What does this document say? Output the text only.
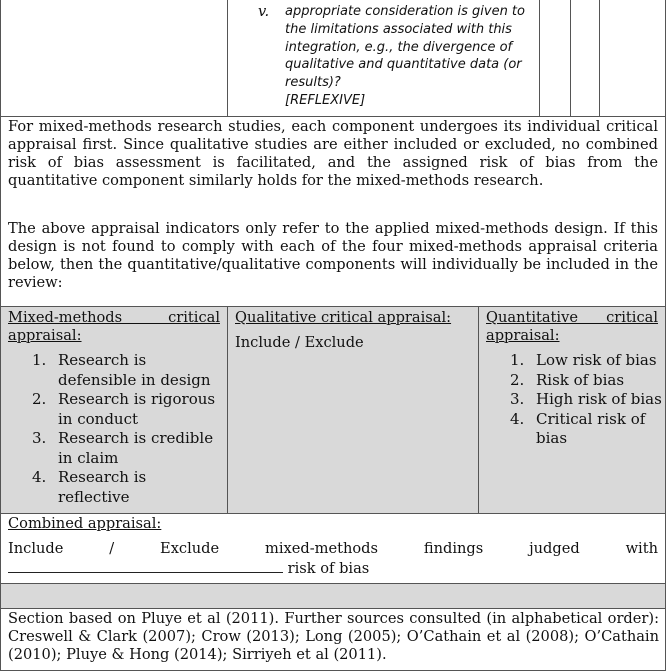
v.	appropriate consideration is given to
the limitations associated with this
integration, e.g., the divergence of
qualitative and quantitative data (or
results)?
[REFLEXIVE]
For mixed-methods research studies, each component undergoes its individual critical appraisal first. Since qualitative studies are either included or excluded, no combined risk of bias assessment is facilitated, and the assigned risk of bias from the quantitative component similarly holds for the mixed-methods research.
The above appraisal indicators only refer to the applied mixed-methods design. If this design is not found to comply with each of the four mixed-methods appraisal criteria below, then the quantitative/qualitative components will individually be included in the review:
Mixed-methods critical appraisal:
1. Research is defensible in design
2. Research is rigorous in conduct
3. Research is credible in claim
4. Research is reflective
Qualitative critical appraisal:
Include / Exclude
Quantitative critical appraisal:
1. Low risk of bias
2. Risk of bias
3. High risk of bias
4. Critical risk of bias
Combined appraisal:
Include / Exclude mixed-methods findings judged with
risk of bias
Section based on Pluye et al (2011). Further sources consulted (in alphabetical order): Creswell & Clark (2007); Crow (2013); Long (2005); O’Cathain et al (2008); O’Cathain (2010); Pluye & Hong (2014); Sirriyeh et al (2011).
